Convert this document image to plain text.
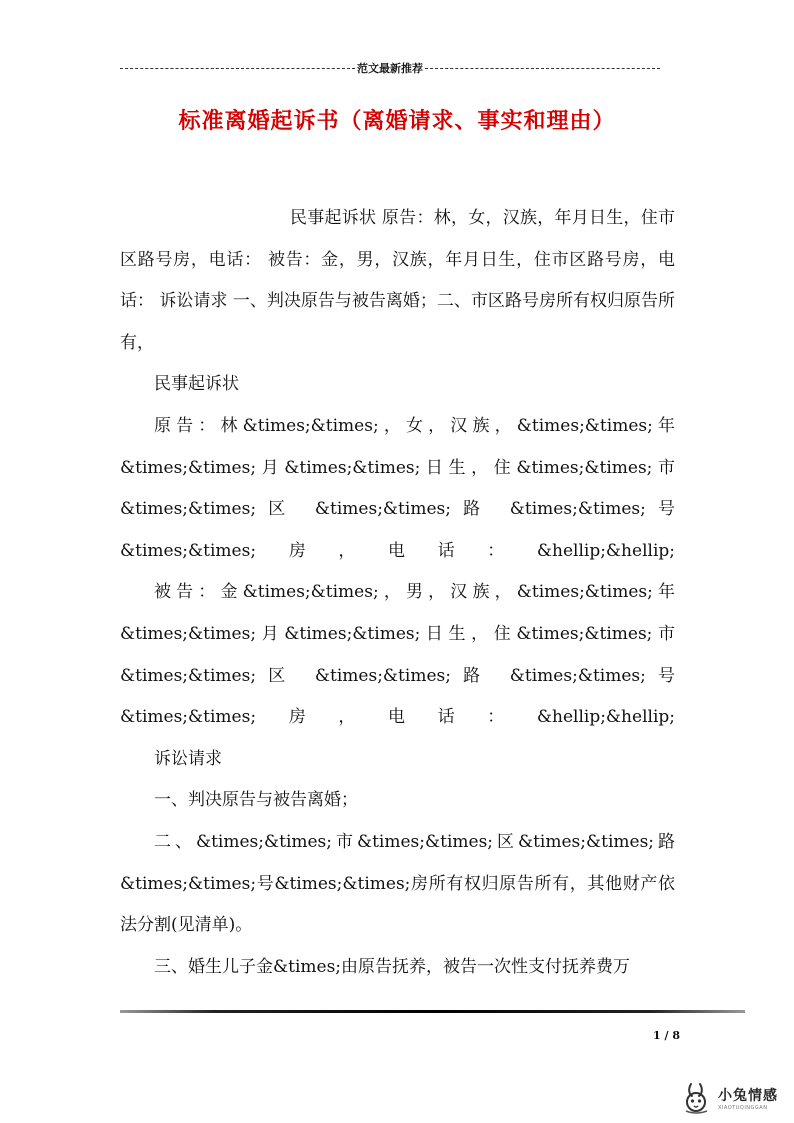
范文最新推荐
标准离婚起诉书（离婚请求、事实和理由）

民事起诉状 原告：林，女，汉族，年月日生，住市区路号房，电话： 被告：金，男，汉族，年月日生，住市区路号房，电话： 诉讼请求 一、判决原告与被告离婚；二、市区路号房所有权归原告所有，

民事起诉状

原告：林&times;&times;，女，汉族，&times;&times;年&times;&times;月&times;&times;日生，住&times;&times;市&times;&times;区 &times;&times;路 &times;&times;号&times;&times;房，电话：&hellip;&hellip;

被告：金&times;&times;，男，汉族，&times;&times;年&times;&times;月&times;&times;日生，住&times;&times;市&times;&times;区 &times;&times;路 &times;&times;号&times;&times;房，电话：&hellip;&hellip;

诉讼请求

一、判决原告与被告离婚；

二、&times;&times;市&times;&times;区&times;&times;路&times;&times;号&times;&times;房所有权归原告所有，其他财产依法分割(见清单)。

三、婚生儿子金&times;由原告抚养，被告一次性支付抚养费万

1 / 8
小兔情感
XIAOTUQINGGAN
